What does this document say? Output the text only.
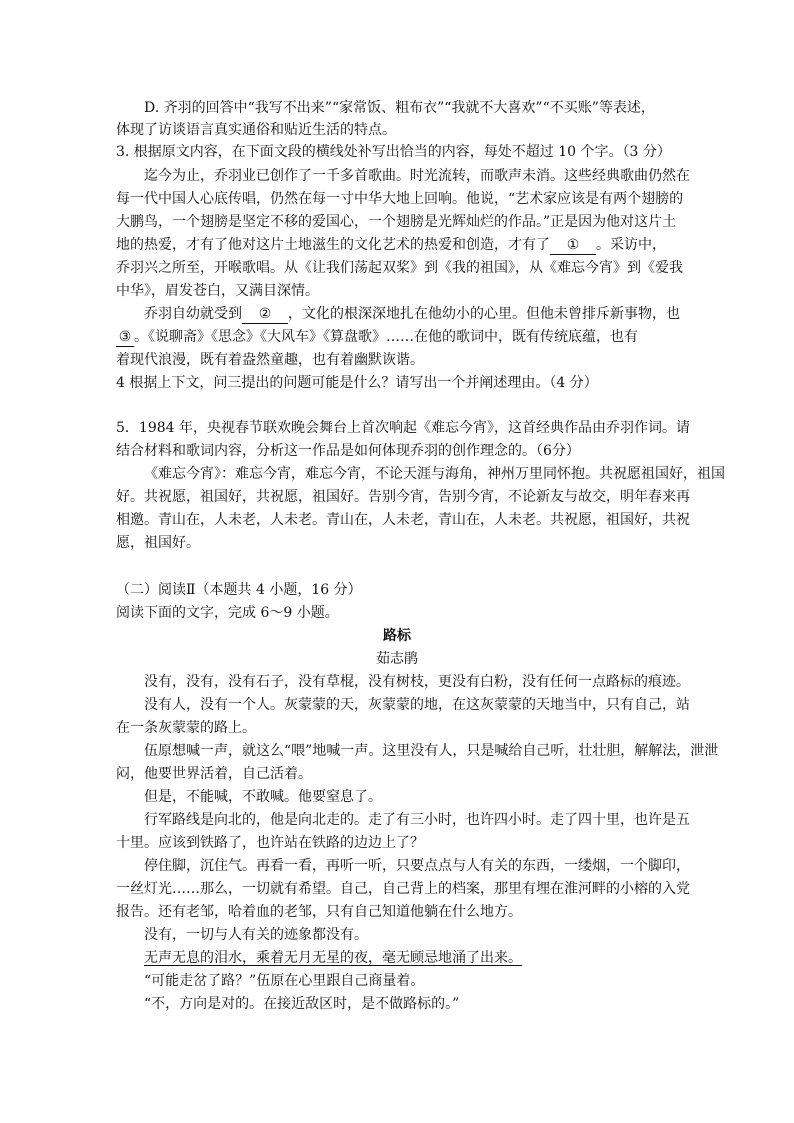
D. 齐羽的回答中“我写不出来”“家常饭、粗布衣”“我就不大喜欢”“不买账”等表述，
体现了访谈语言真实通俗和贴近生活的特点。
3. 根据原文内容，在下面文段的横线处补写出恰当的内容，每处不超过 10 个字。（3 分）
迄今为止，乔羽业已创作了一千多首歌曲。时光流转，而歌声未消。这些经典歌曲仍然在
每一代中国人心底传唱，仍然在每一寸中华大地上回响。他说，“艺术家应该是有两个翅膀的
大鹏鸟，一个翅膀是坚定不移的爱国心，一个翅膀是光辉灿烂的作品。”正是因为他对这片土
地的热爱，才有了他对这片土地滋生的文化艺术的热爱和创造，才有了 ① 。采访中，
乔羽兴之所至，开喉歌唱。从《让我们荡起双桨》到《我的祖国》，从《难忘今宵》到《爱我
中华》，眉发苍白，又满目深情。
乔羽自幼就受到 ② ，文化的根深深地扎在他幼小的心里。但他未曾排斥新事物，也
③ 。《说聊斋》《思念》《大风车》《算盘歌》……在他的歌词中，既有传统底蕴，也有
着现代浪漫，既有着盎然童趣，也有着幽默诙谐。
4 根据上下文，问三提出的问题可能是什么？请写出一个并阐述理由。（4 分）
5．1984 年，央视春节联欢晚会舞台上首次响起《难忘今宵》，这首经典作品由乔羽作词。请
结合材料和歌词内容，分析这一作品是如何体现乔羽的创作理念的。（6分）
《难忘今宵》：难忘今宵，难忘今宵，不论天涯与海角，神州万里同怀抱。共祝愿祖国好，祖国
好。共祝愿，祖国好，共祝愿，祖国好。告别今宵，告别今宵，不论新友与故交，明年春来再
相邀。青山在，人未老，人未老。青山在，人未老，青山在，人未老。共祝愿，祖国好，共祝
愿，祖国好。
（二）阅读Ⅱ（本题共 4 小题，16 分）
阅读下面的文字，完成 6～9 小题。
路标
茹志鹃
没有，没有，没有石子，没有草棍，没有树枝，更没有白粉，没有任何一点路标的痕迹。
没有人，没有一个人。灰蒙蒙的天，灰蒙蒙的地，在这灰蒙蒙的天地当中，只有自己，站
在一条灰蒙蒙的路上。
伍原想喊一声，就这么“喂”地喊一声。这里没有人，只是喊给自己听，壮壮胆，解解法，泄泄
闷，他要世界活着，自己活着。
但是，不能喊，不敢喊。他要窒息了。
行军路线是向北的，他是向北走的。走了有三小时，也许四小时。走了四十里，也许是五
十里。应该到铁路了，也许站在铁路的边边上了？
停住脚，沉住气。再看一看，再听一听，只要点点与人有关的东西，一缕烟，一个脚印，
一丝灯光……那么，一切就有希望。自己，自己背上的档案，那里有埋在淮河畔的小榕的入党
报告。还有老邹，哈着血的老邹，只有自己知道他躺在什么地方。
没有，一切与人有关的迹象都没有。
无声无息的泪水，乘着无月无星的夜，毫无顾忌地涌了出来。
“可能走岔了路？”伍原在心里跟自己商量着。
“不，方向是对的。在接近敌区时，是不做路标的。”
